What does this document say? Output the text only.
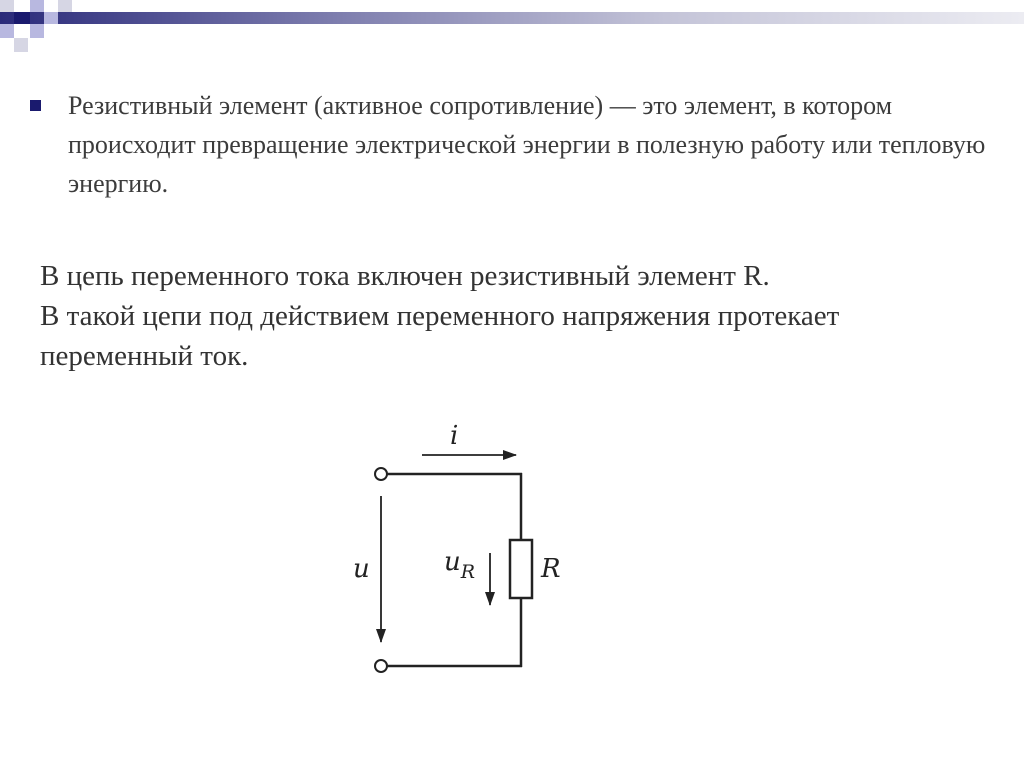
Резистивный элемент (активное сопротивление) — это элемент, в котором происходит превращение электрической энергии в полезную работу или тепловую энергию.
В цепь переменного тока включен резистивный элемент R.
В такой цепи под действием переменного напряжения протекает
переменный ток.
i
u	$u_R$	R
